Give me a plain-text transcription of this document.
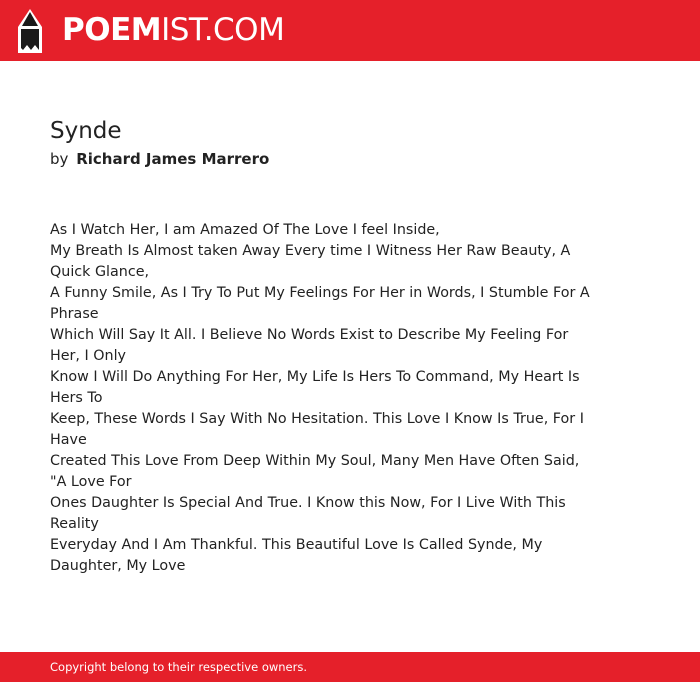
POEMIST.COM
Synde
by Richard James Marrero
As I Watch Her, I am Amazed Of The Love I feel Inside,
My Breath Is Almost taken Away Every time I Witness Her Raw Beauty, A Quick Glance,
A Funny Smile, As I Try To Put My Feelings For Her in Words, I Stumble For A Phrase
Which Will Say It All. I Believe No Words Exist to Describe My Feeling For Her, I Only
Know I Will Do Anything For Her, My Life Is Hers To Command, My Heart Is Hers To
Keep, These Words I Say With No Hesitation. This Love I Know Is True, For I Have
Created This Love From Deep Within My Soul, Many Men Have Often Said, "A Love For
Ones Daughter Is Special And True. I Know this Now, For I Live With This Reality
Everyday And I Am Thankful. This Beautiful Love Is Called Synde, My Daughter, My Love
Copyright belong to their respective owners.
